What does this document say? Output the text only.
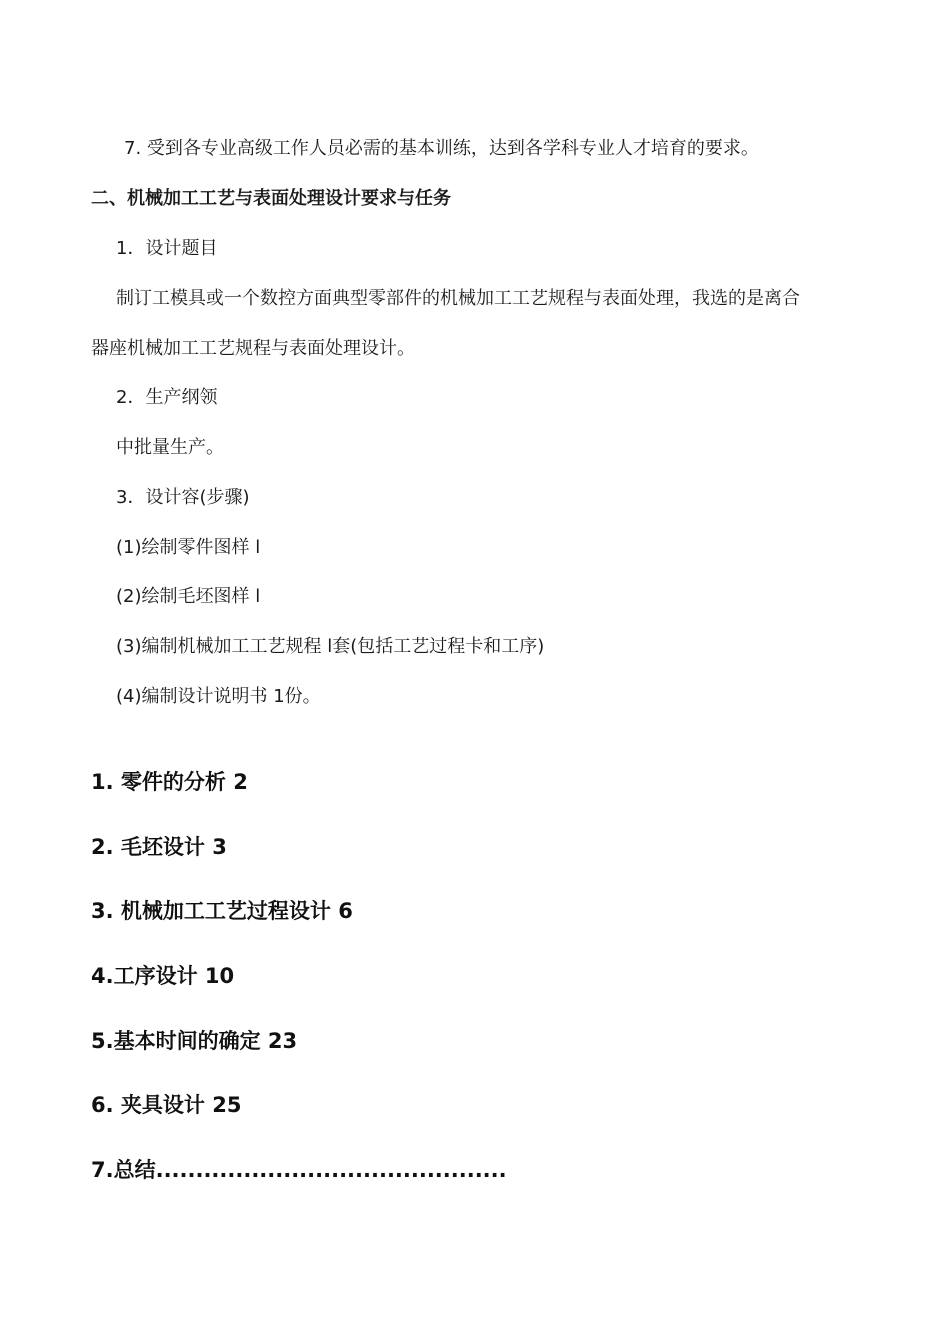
7. 受到各专业高级工作人员必需的基本训练，达到各学科专业人才培育的要求。
二、机械加工工艺与表面处理设计要求与任务
1．设计题目
制订工模具或一个数控方面典型零部件的机械加工工艺规程与表面处理，我选的是离合
器座机械加工工艺规程与表面处理设计。
2．生产纲领
中批量生产。
3．设计容(步骤)
(1)绘制零件图样 l
(2)绘制毛坯图样 l
(3)编制机械加工工艺规程 l套(包括工艺过程卡和工序)
(4)编制设计说明书 1份。
1. 零件的分析 2
2. 毛坯设计 3
3. 机械加工工艺过程设计 6
4.工序设计 10
5.基本时间的确定 23
6. 夹具设计 25
7.总结............................................
